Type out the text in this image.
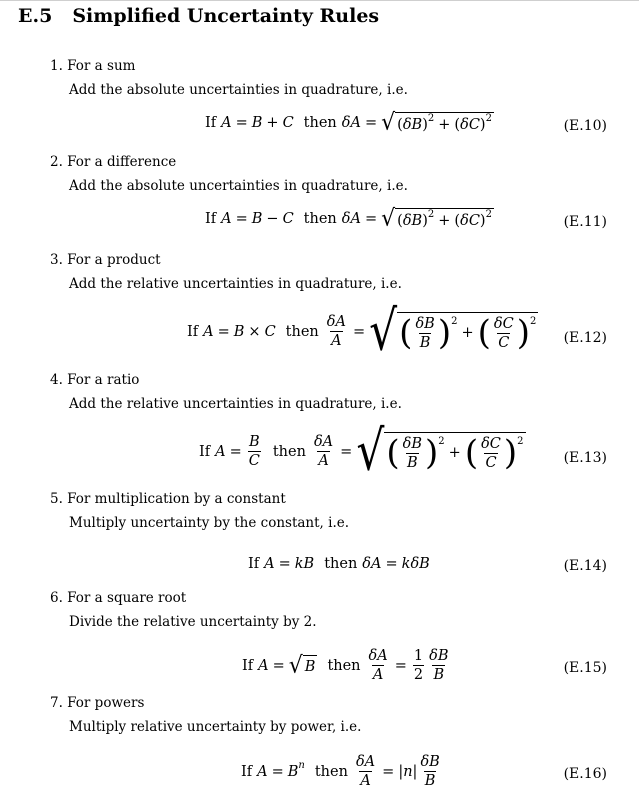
E.5 Simplified Uncertainty Rules
1. For a sum
Add the absolute uncertainties in quadrature, i.e.
If A = B + C then δA = √ ( δB ) 2 + ( δC ) 2	(E.10)
2. For a difference
Add the absolute uncertainties in quadrature, i.e.
If A = B − C then δA = √ ( δB ) 2 + ( δC ) 2	(E.11)
3. For a product
Add the relative uncertainties in quadrature, i.e.
If A = B × C then $\frac{\delta A}{A}$ = √ ( $\frac{\delta B}{B}$ ) 2
+ ( $\frac{\delta C}{C}$ ) 2
(E.12)
4. For a ratio
Add the relative uncertainties in quadrature, i.e.
If $A = \frac{B}{C}$ then $\frac{\delta A}{A}$ = √ ( $\frac{\delta B}{B}$ ) 2
+ ( $\frac{\delta C}{C}$ ) 2
(E.13)
5. For multiplication by a constant
Multiply uncertainty by the constant, i.e.
If A = kB then δA = kδB	(E.14)
6. For a square root
Divide the relative uncertainty by 2.
If A = √ B then $\frac{\delta A}{A} = \frac{1}{2} \frac{\delta B}{B}$	(E.15)
7. For powers
Multiply relative uncertainty by power, i.e.
If A = B n then $\frac{\delta A}{A}$ = | n | $\frac{\delta B}{B}$	(E.16)
